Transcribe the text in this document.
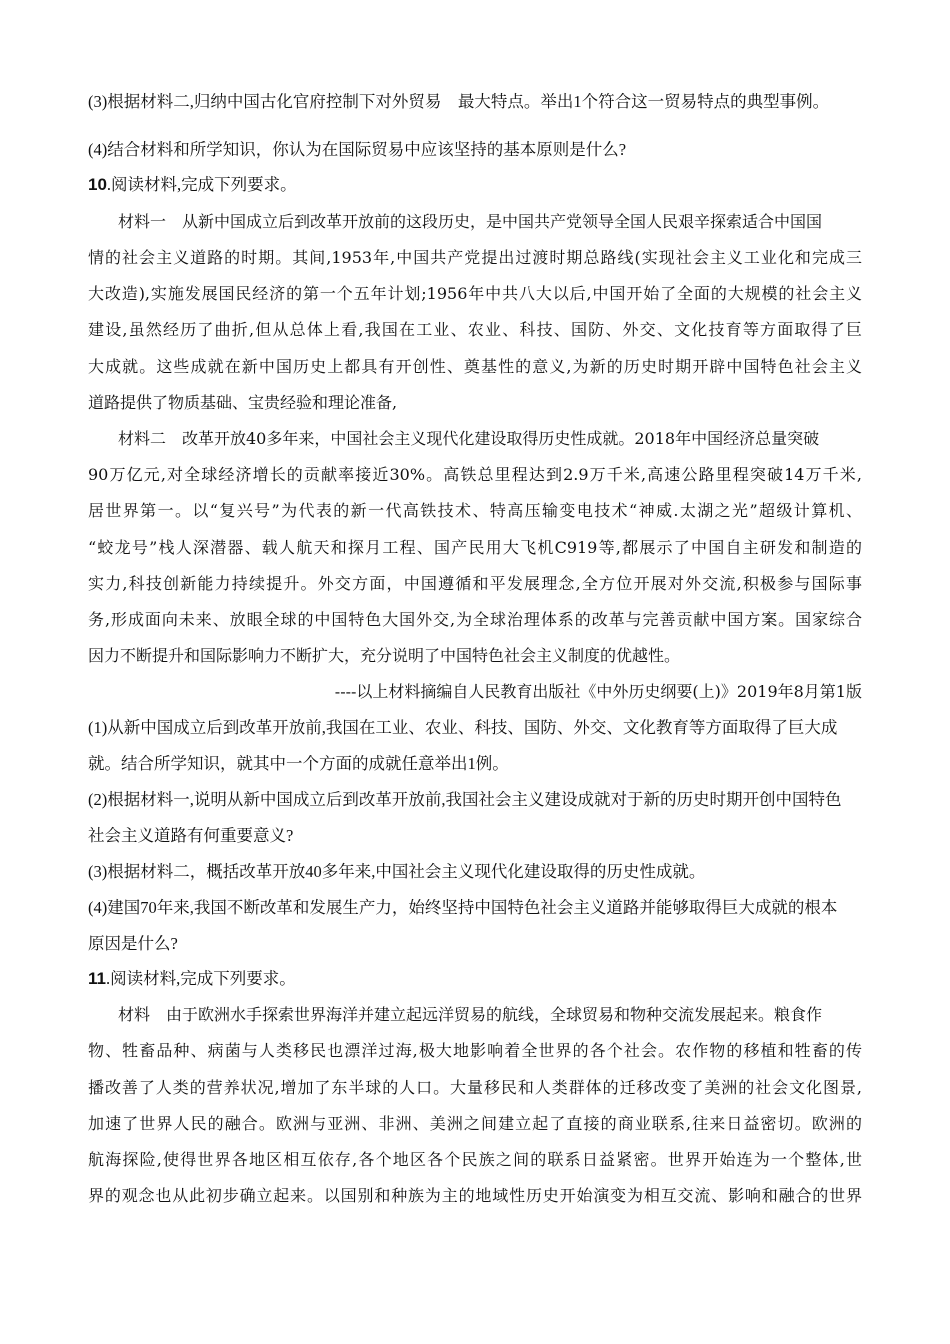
(3)根据材料二,归纳中国古化官府控制下对外贸易　最大特点。举出1个符合这一贸易特点的典型事例。
(4)结合材料和所学知识，你认为在国际贸易中应该坚持的基本原则是什么?
10.阅读材料,完成下列要求。
材料一　从新中国成立后到改革开放前的这段历史，是中国共产党领导全国人民艰辛探索适合中国国
情的社会主义道路的时期。其间,1953年,中国共产党提出过渡时期总路线(实现社会主义工业化和完成三
大改造),实施发展国民经济的第一个五年计划;1956年中共八大以后,中国开始了全面的大规模的社会主义
建设,虽然经历了曲折,但从总体上看,我国在工业、农业、科技、国防、外交、文化技育等方面取得了巨
大成就。这些成就在新中国历史上都具有开创性、奠基性的意义,为新的历史时期开辟中国特色社会主义
道路提供了物质基础、宝贵经验和理论准备,
材料二　改革开放40多年来，中国社会主义现代化建设取得历史性成就。2018年中国经济总量突破
90万亿元,对全球经济增长的贡献率接近30%。高铁总里程达到2.9万千米,高速公路里程突破14万千米,
居世界第一。以“复兴号”为代表的新一代高铁技术、特高压输变电技术“神威.太湖之光”超级计算机、
“蛟龙号”栈人深潜器、载人航天和探月工程、国产民用大飞机C919等,都展示了中国自主研发和制造的
实力,科技创新能力持续提升。外交方面，中国遵循和平发展理念,全方位开展对外交流,积极参与国际事
务,形成面向未来、放眼全球的中国特色大国外交,为全球治理体系的改革与完善贡献中国方案。国家综合
因力不断提升和国际影响力不断扩大，充分说明了中国特色社会主义制度的优越性。
----以上材料摘编自人民教育出版社《中外历史纲要(上)》2019年8月第1版
(1)从新中国成立后到改革开放前,我国在工业、农业、科技、国防、外交、文化教育等方面取得了巨大成
就。结合所学知识，就其中一个方面的成就任意举出1例。
(2)根据材料一,说明从新中国成立后到改革开放前,我国社会主义建设成就对于新的历史时期开创中国特色
社会主义道路有何重要意义?
(3)根据材料二，概括改革开放40多年来,中国社会主义现代化建设取得的历史性成就。
(4)建国70年来,我国不断改革和发展生产力，始终坚持中国特色社会主义道路并能够取得巨大成就的根本
原因是什么?
11.阅读材料,完成下列要求。
材料　由于欧洲水手探索世界海洋并建立起远洋贸易的航线，全球贸易和物种交流发展起来。粮食作
物、牲畜品种、病菌与人类移民也漂洋过海,极大地影响着全世界的各个社会。农作物的移植和牲畜的传
播改善了人类的营养状况,增加了东半球的人口。大量移民和人类群体的迁移改变了美洲的社会文化图景,
加速了世界人民的融合。欧洲与亚洲、非洲、美洲之间建立起了直接的商业联系,往来日益密切。欧洲的
航海探险,使得世界各地区相互依存,各个地区各个民族之间的联系日益紧密。世界开始连为一个整体,世
界的观念也从此初步确立起来。以国别和种族为主的地域性历史开始演变为相互交流、影响和融合的世界
